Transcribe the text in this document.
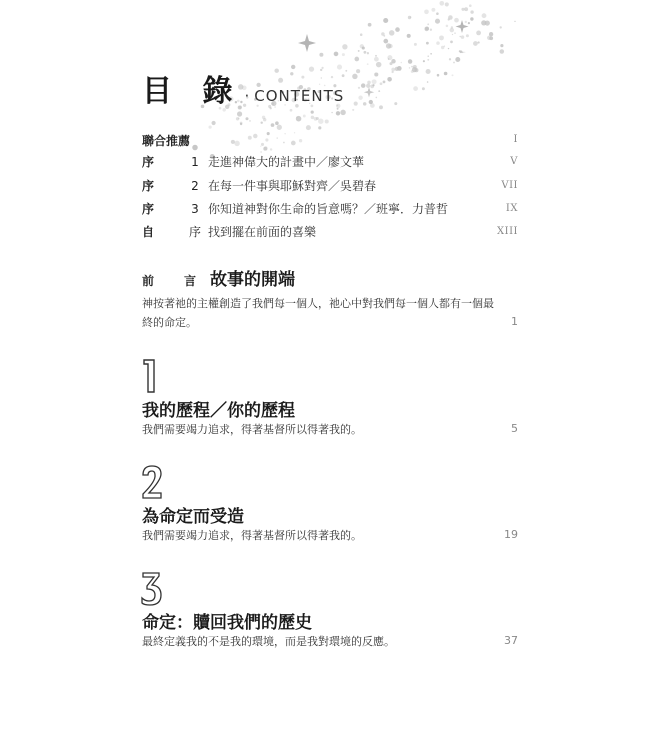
目 錄 · CONTENTS
聯合推薦	I
序	1 走進神偉大的計畫中／廖文華	V
序	2 在每一件事與耶穌對齊／吳碧春	VII
序	3 你知道神對你生命的旨意嗎？／班寧．力普哲	IX
自	序 找到擺在前面的喜樂	XIII
前	言 故事的開端
神按著祂的主權創造了我們每一個人，祂心中對我們每一個人都有一個最終的命定。	1
我的歷程／你的歷程
我們需要竭力追求，得著基督所以得著我的。	5
為命定而受造
我們需要竭力追求，得著基督所以得著我的。	19
命定：贖回我們的歷史
最終定義我的不是我的環境，而是我對環境的反應。	37
